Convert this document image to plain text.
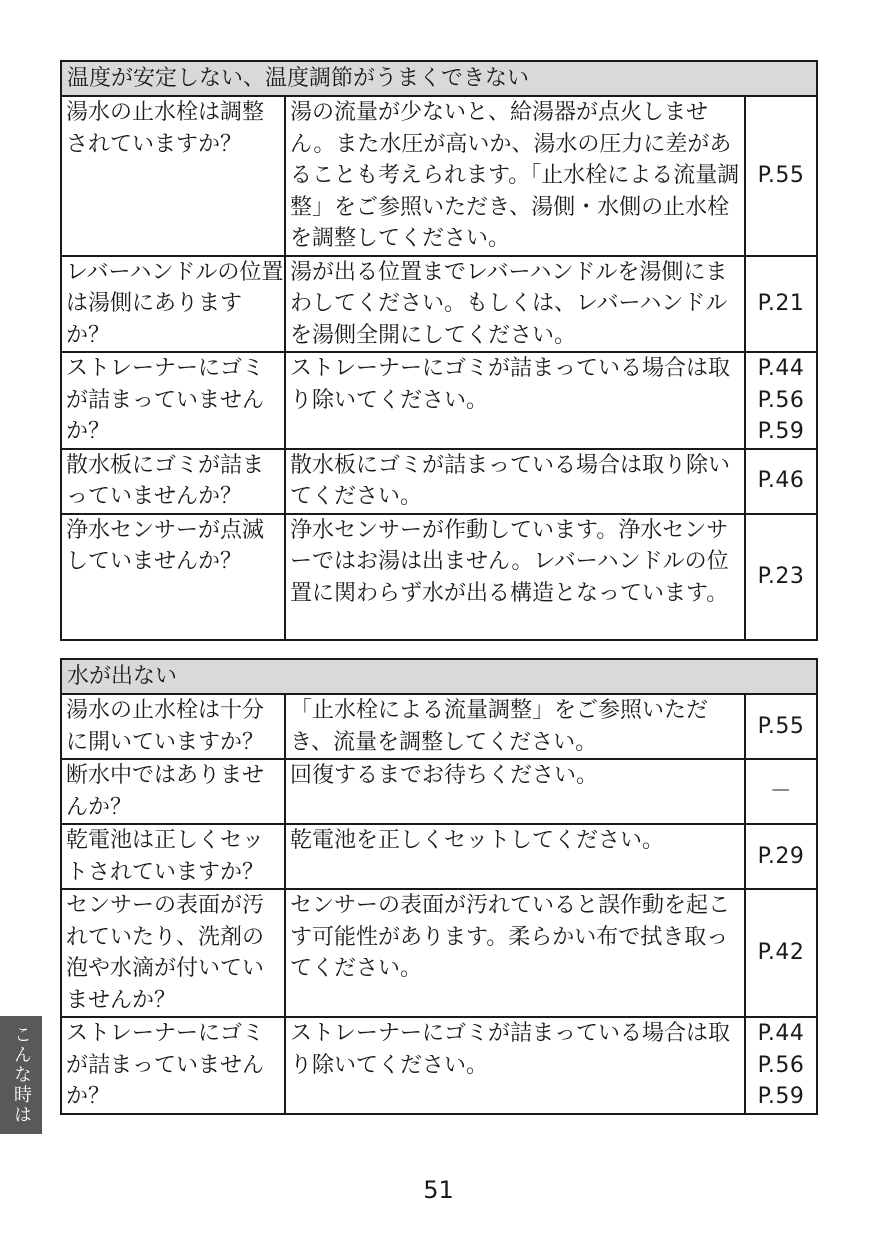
温度が安定しない、温度調節がうまくできない		
湯水の止水栓は調整されていますか？	湯の流量が少ないと、給湯器が点火しません。また水圧が高いか、湯水の圧力に差があることも考えられます。「止水栓による流量調整」をご参照いただき、湯側・水側の止水栓を調整してください。	P.55

レバーハンドルの位置は湯側にありますか？	湯が出る位置までレバーハンドルを湯側にまわしてください。もしくは、レバーハンドルを湯側全開にしてください。	P.21

ストレーナーにゴミが詰まっていませんか？	ストレーナーにゴミが詰まっている場合は取り除いてください。	P.44
P.56
P.59

散水板にゴミが詰まっていませんか？	散水板にゴミが詰まっている場合は取り除いてください。	P.46

浄水センサーが点滅していませんか？	浄水センサーが作動しています。浄水センサーではお湯は出ません。レバーハンドルの位置に関わらず水が出る構造となっています。	P.23
水が出ない		
湯水の止水栓は十分に開いていますか？	「止水栓による流量調整」をご参照いただき、流量を調整してください。	P.55

断水中ではありませんか？	回復するまでお待ちください。	－

乾電池は正しくセットされていますか？	乾電池を正しくセットしてください。	P.29

センサーの表面が汚れていたり、洗剤の泡や水滴が付いていませんか？	センサーの表面が汚れていると誤作動を起こす可能性があります。柔らかい布で拭き取ってください。	P.42

ストレーナーにゴミが詰まっていませんか？	ストレーナーにゴミが詰まっている場合は取り除いてください。	P.44
P.56
P.59
こんな時は
51
